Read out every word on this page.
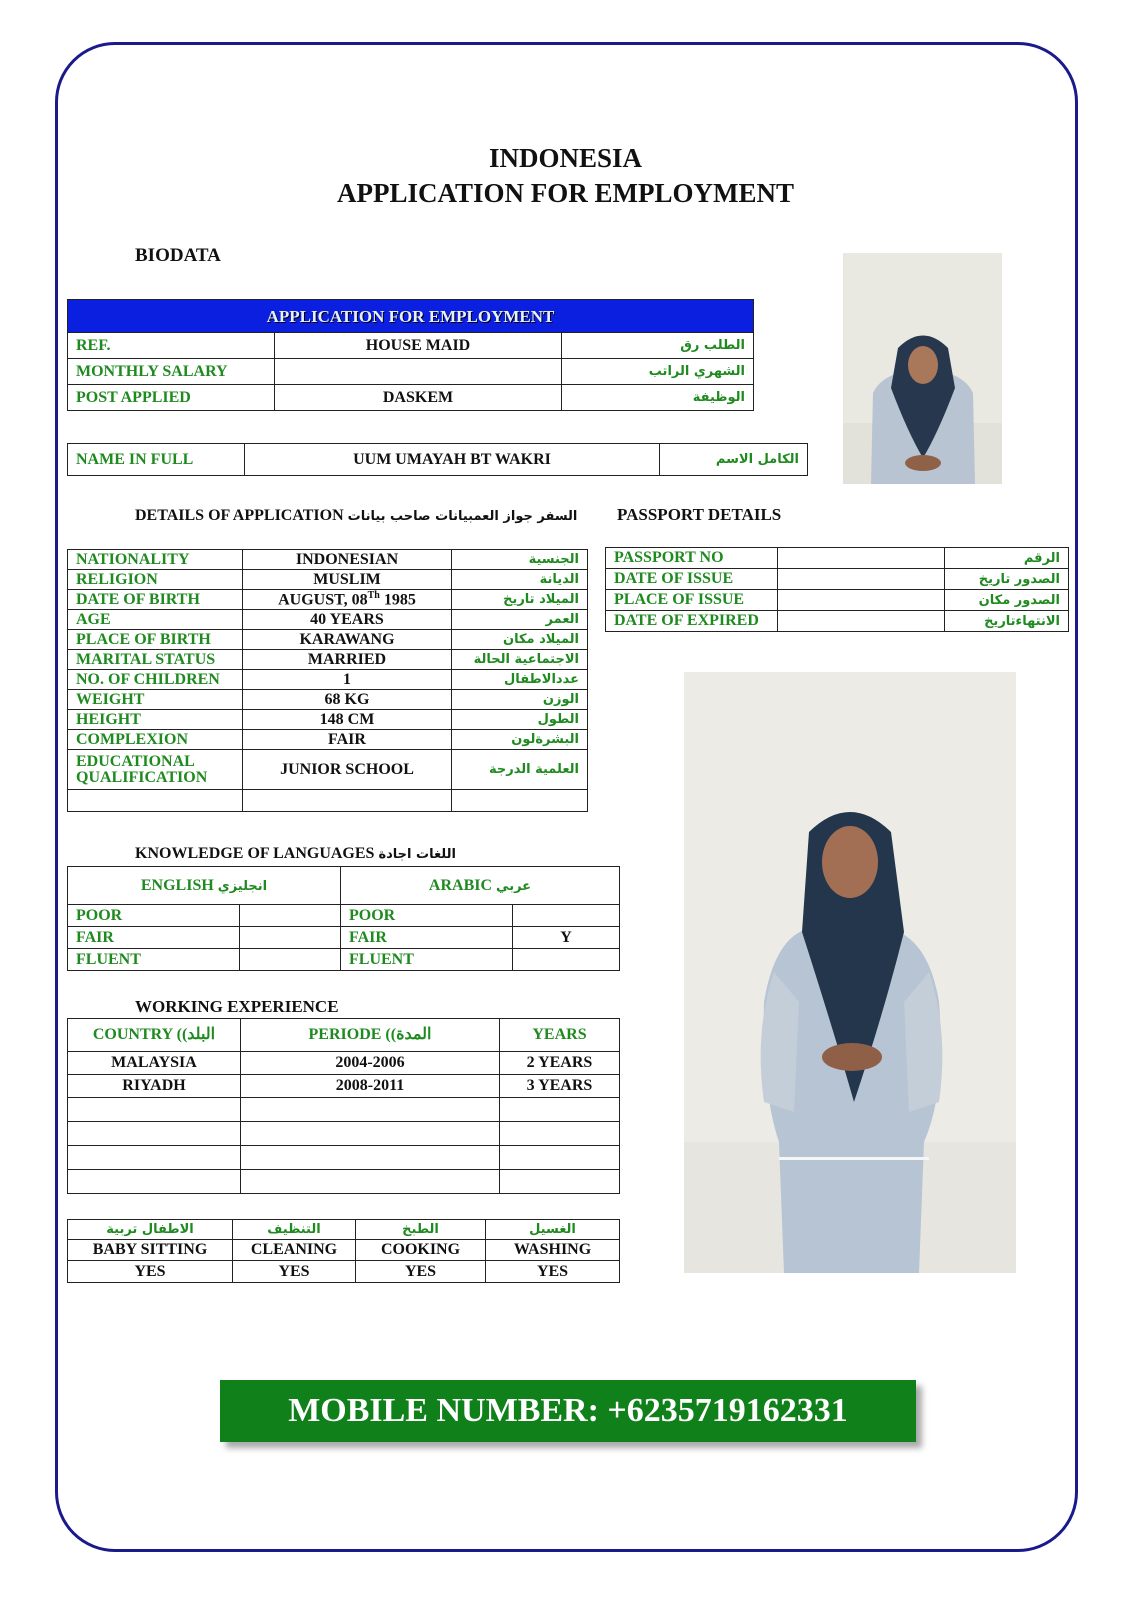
INDONESIA
APPLICATION FOR EMPLOYMENT
BIODATA
APPLICATION FOR EMPLOYMENT		
REF.	HOUSE MAID	الطلب رق
MONTHLY SALARY		الشهري الراتب
POST APPLIED	DASKEM	الوظيفة
NAME IN FULL	UUM UMAYAH BT WAKRI	الكامل الاسم
DETAILS OF APPLICATION السفر جواز العمبيانات صاحب بيانات PASSPORT DETAILS
NATIONALITY	INDONESIAN	الجنسية
RELIGION	MUSLIM	الديانة
DATE OF BIRTH	AUGUST, 08Th 1985	الميلاد تاريخ
AGE	40 YEARS	العمر
PLACE OF BIRTH	KARAWANG	الميلاد مكان
MARITAL STATUS	MARRIED	الاجتماعية الحالة
NO. OF CHILDREN	1	عددالاطفال
WEIGHT	68 KG	الوزن
HEIGHT	148 CM	الطول
COMPLEXION	FAIR	البشرةلون
EDUCATIONAL
QUALIFICATION	JUNIOR SCHOOL	العلمية الدرجة

PASSPORT NO		الرقم
DATE OF ISSUE		الصدور تاريخ
PLACE OF ISSUE		الصدور مكان
DATE OF EXPIRED		الانتهاءتاريخ
KNOWLEDGE OF LANGUAGES اللغات اجادة
ENGLISH انجليزي		ARABIC عربي	
POOR		POOR	
FAIR		FAIR	Y
FLUENT		FLUENT	
WORKING EXPERIENCE
COUNTRY ((البلد	PERIODE ((المدة	YEARS
MALAYSIA	2004-2006	2 YEARS
RIYADH	2008-2011	3 YEARS

الاطفال تربية	التنظيف	الطبخ	الغسيل
BABY SITTING	CLEANING	COOKING	WASHING
YES	YES	YES	YES
MOBILE NUMBER: +6235719162331
